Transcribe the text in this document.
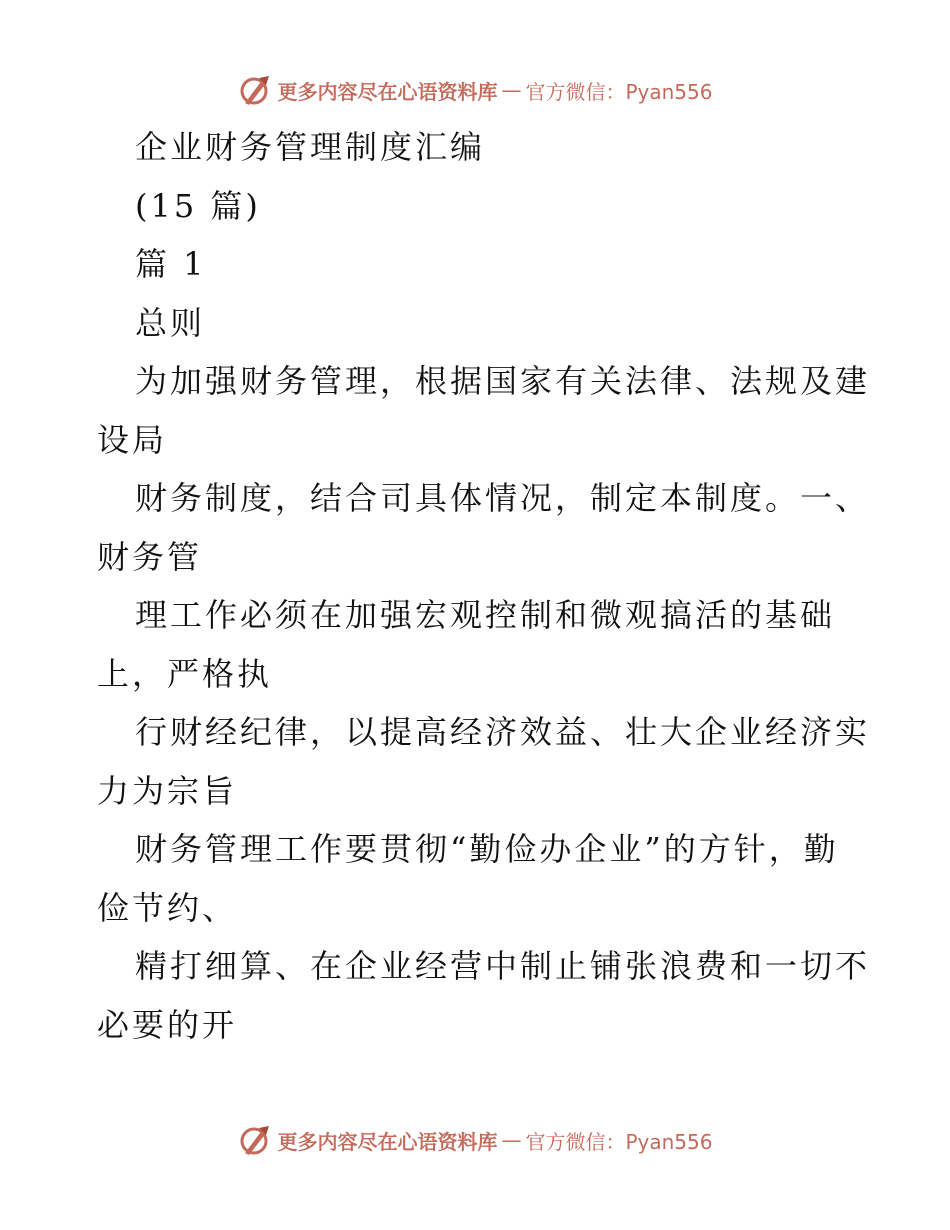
更多内容尽在心语资料库 — 官方微信：Pyan556
企业财务管理制度汇编
(15 篇)
篇 1
总则
为加强财务管理，根据国家有关法律、法规及建
设局
财务制度，结合司具体情况，制定本制度。一、
财务管
理工作必须在加强宏观控制和微观搞活的基础
上，严格执
行财经纪律，以提高经济效益、壮大企业经济实
力为宗旨
财务管理工作要贯彻“勤俭办企业”的方针，勤
俭节约、
精打细算、在企业经营中制止铺张浪费和一切不
必要的开
更多内容尽在心语资料库 — 官方微信：Pyan556
